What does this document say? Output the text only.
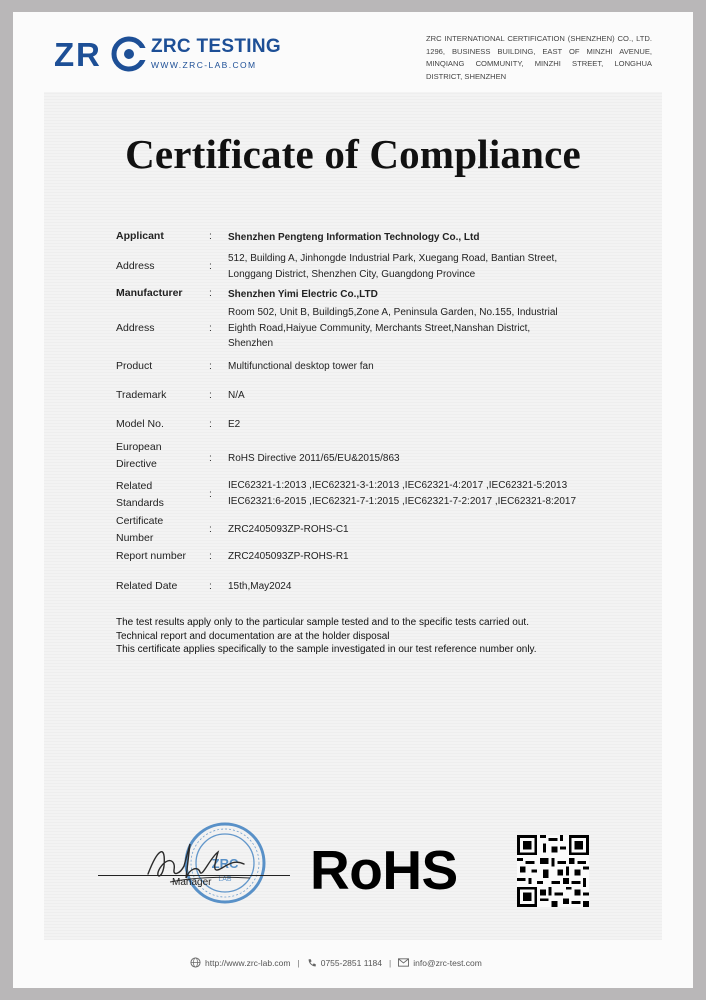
Z R	ZRC TESTING
WWW.ZRC-LAB.COM
ZRC INTERNATIONAL CERTIFICATION (SHENZHEN) CO., LTD. 1296, BUSINESS BUILDING, EAST OF MINZHI AVENUE, MINQIANG COMMUNITY, MINZHI STREET, LONGHUA DISTRICT, SHENZHEN
Certificate of Compliance
Applicant	: Shenzhen Pengteng Information Technology Co., Ltd
Address	:
512, Building A, Jinhongde Industrial Park, Xuegang Road, Bantian Street,
Longgang District, Shenzhen City, Guangdong Province
Manufacturer	: Shenzhen Yimi Electric Co.,LTD
Address	:
Room 502, Unit B, Building5,Zone A, Peninsula Garden, No.155, Industrial
Eighth Road,Haiyue Community, Merchants Street,Nanshan District,
Shenzhen
Product	: Multifunctional desktop tower fan
Trademark	: N/A
Model No.	: E2
European
Directive	: RoHS Directive 2011/65/EU&2015/863
Related
Standards
:
IEC62321-1:2013 ,IEC62321-3-1:2013 ,IEC62321-4:2017 ,IEC62321-5:2013
IEC62321:6-2015 ,IEC62321-7-1:2015 ,IEC62321-7-2:2017 ,IEC62321-8:2017
Certificate
Number
: ZRC2405093ZP-ROHS-C1
Report number : ZRC2405093ZP-ROHS-R1
Related Date	: 15th,May2024
The test results apply only to the particular sample tested and to the specific tests carried out.
Technical report and documentation are at the holder disposal
This certificate applies specifically to the sample investigated in our test reference number only.
ZRC
LAB
Manager RoHS
http://www.zrc-lab.com | 0755-2851 1184 |	info@zrc-test.com
